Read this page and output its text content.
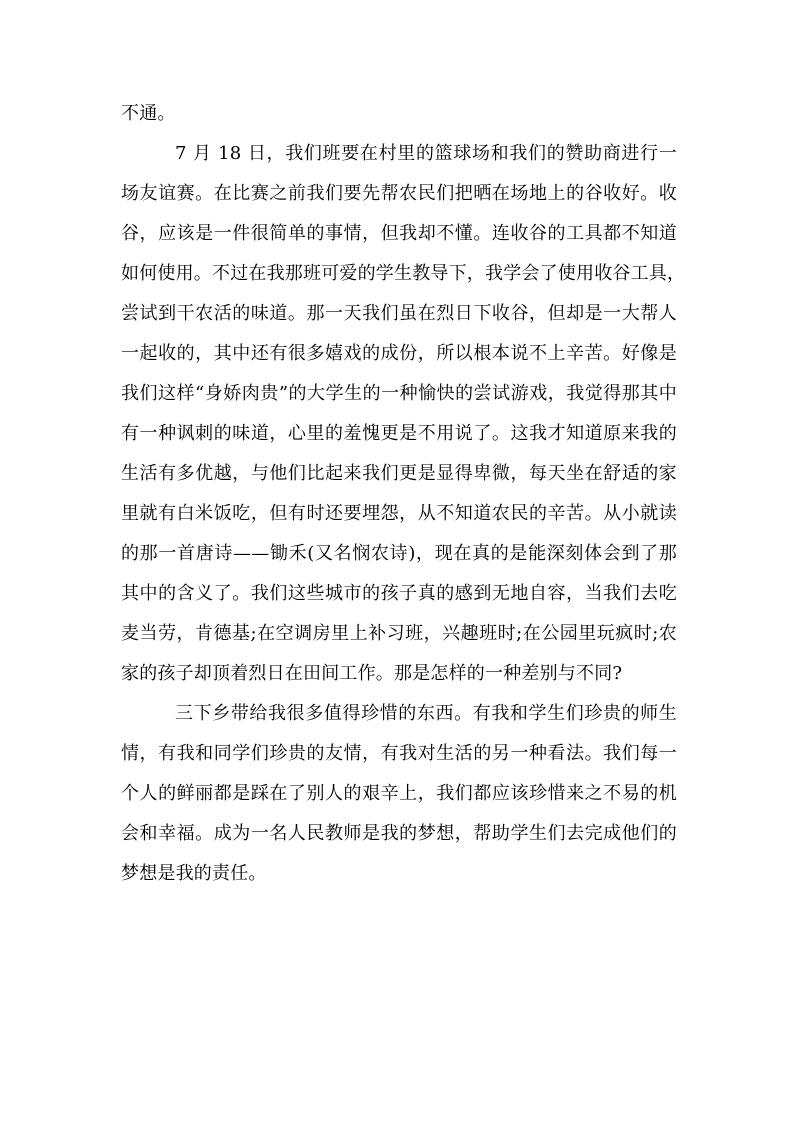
不通。
7 月 18 日，我们班要在村里的篮球场和我们的赞助商进行一
场友谊赛。在比赛之前我们要先帮农民们把晒在场地上的谷收好。收
谷，应该是一件很简单的事情，但我却不懂。连收谷的工具都不知道
如何使用。不过在我那班可爱的学生教导下，我学会了使用收谷工具，
尝试到干农活的味道。那一天我们虽在烈日下收谷，但却是一大帮人
一起收的，其中还有很多嬉戏的成份，所以根本说不上辛苦。好像是
我们这样“身娇肉贵”的大学生的一种愉快的尝试游戏，我觉得那其中
有一种讽刺的味道，心里的羞愧更是不用说了。这我才知道原来我的
生活有多优越，与他们比起来我们更是显得卑微，每天坐在舒适的家
里就有白米饭吃，但有时还要埋怨，从不知道农民的辛苦。从小就读
的那一首唐诗——锄禾(又名悯农诗)，现在真的是能深刻体会到了那
其中的含义了。我们这些城市的孩子真的感到无地自容，当我们去吃
麦当劳，肯德基;在空调房里上补习班，兴趣班时;在公园里玩疯时;农
家的孩子却顶着烈日在田间工作。那是怎样的一种差别与不同?
三下乡带给我很多值得珍惜的东西。有我和学生们珍贵的师生
情，有我和同学们珍贵的友情，有我对生活的另一种看法。我们每一
个人的鲜丽都是踩在了别人的艰辛上，我们都应该珍惜来之不易的机
会和幸福。成为一名人民教师是我的梦想，帮助学生们去完成他们的
梦想是我的责任。
